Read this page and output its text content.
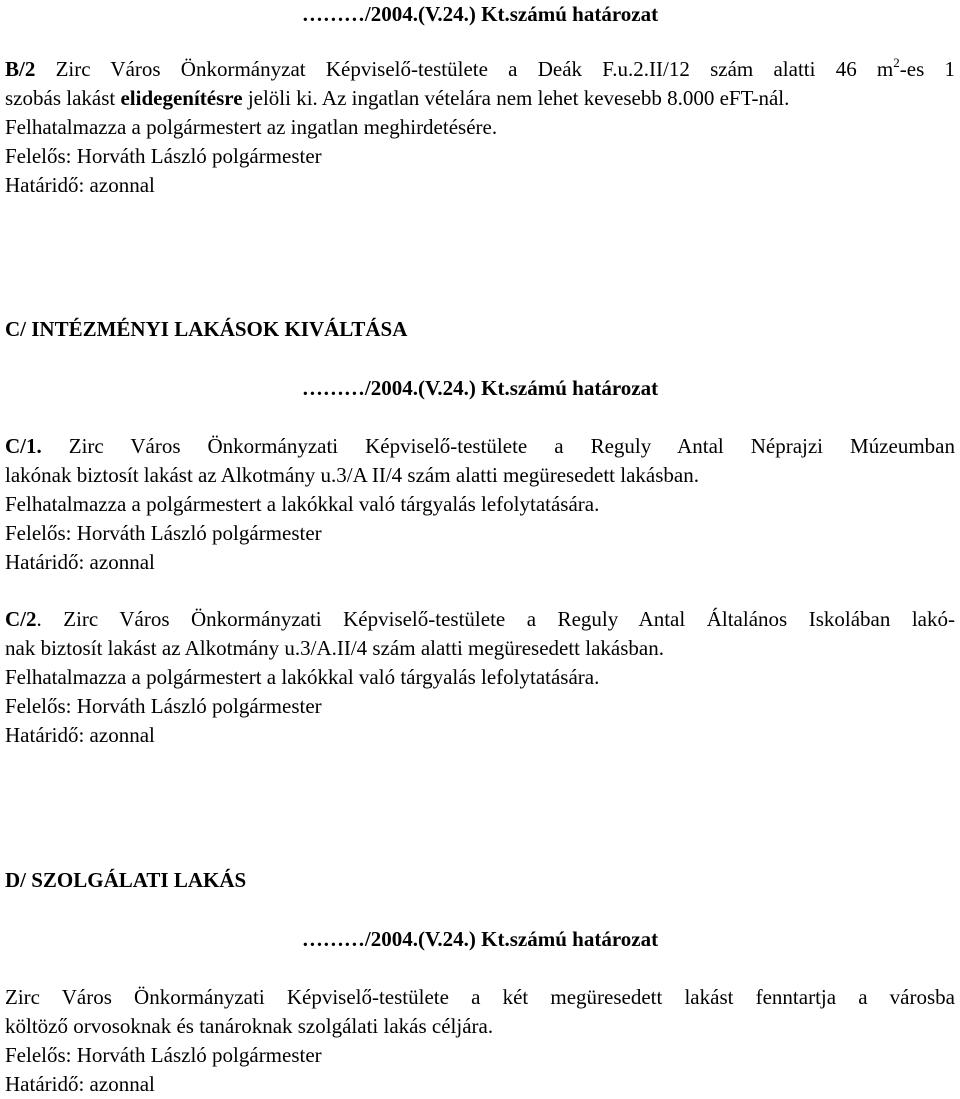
………/2004.(V.24.) Kt.számú határozat
B/2 Zirc Város Önkormányzat Képviselő-testülete a Deák F.u.2.II/12 szám alatti 46 $m^2-es$ 1
szobás lakást elidegenítésre jelöli ki. Az ingatlan vételára nem lehet kevesebb 8.000 eFT-nál.
Felhatalmazza a polgármestert az ingatlan meghirdetésére.
Felelős: Horváth László polgármester
Határidő: azonnal
C/ INTÉZMÉNYI LAKÁSOK KIVÁLTÁSA
………/2004.(V.24.) Kt.számú határozat
C/1. Zirc Város Önkormányzati Képviselő-testülete a Reguly Antal Néprajzi Múzeumban
lakónak biztosít lakást az Alkotmány u.3/A II/4 szám alatti megüresedett lakásban.
Felhatalmazza a polgármestert a lakókkal való tárgyalás lefolytatására.
Felelős: Horváth László polgármester
Határidő: azonnal
C/2. Zirc Város Önkormányzati Képviselő-testülete a Reguly Antal Általános Iskolában lakó-
nak biztosít lakást az Alkotmány u.3/A.II/4 szám alatti megüresedett lakásban.
Felhatalmazza a polgármestert a lakókkal való tárgyalás lefolytatására.
Felelős: Horváth László polgármester
Határidő: azonnal
D/ SZOLGÁLATI LAKÁS
………/2004.(V.24.) Kt.számú határozat
Zirc Város Önkormányzati Képviselő-testülete a két megüresedett lakást fenntartja a városba
költöző orvosoknak és tanároknak szolgálati lakás céljára.
Felelős: Horváth László polgármester
Határidő: azonnal
